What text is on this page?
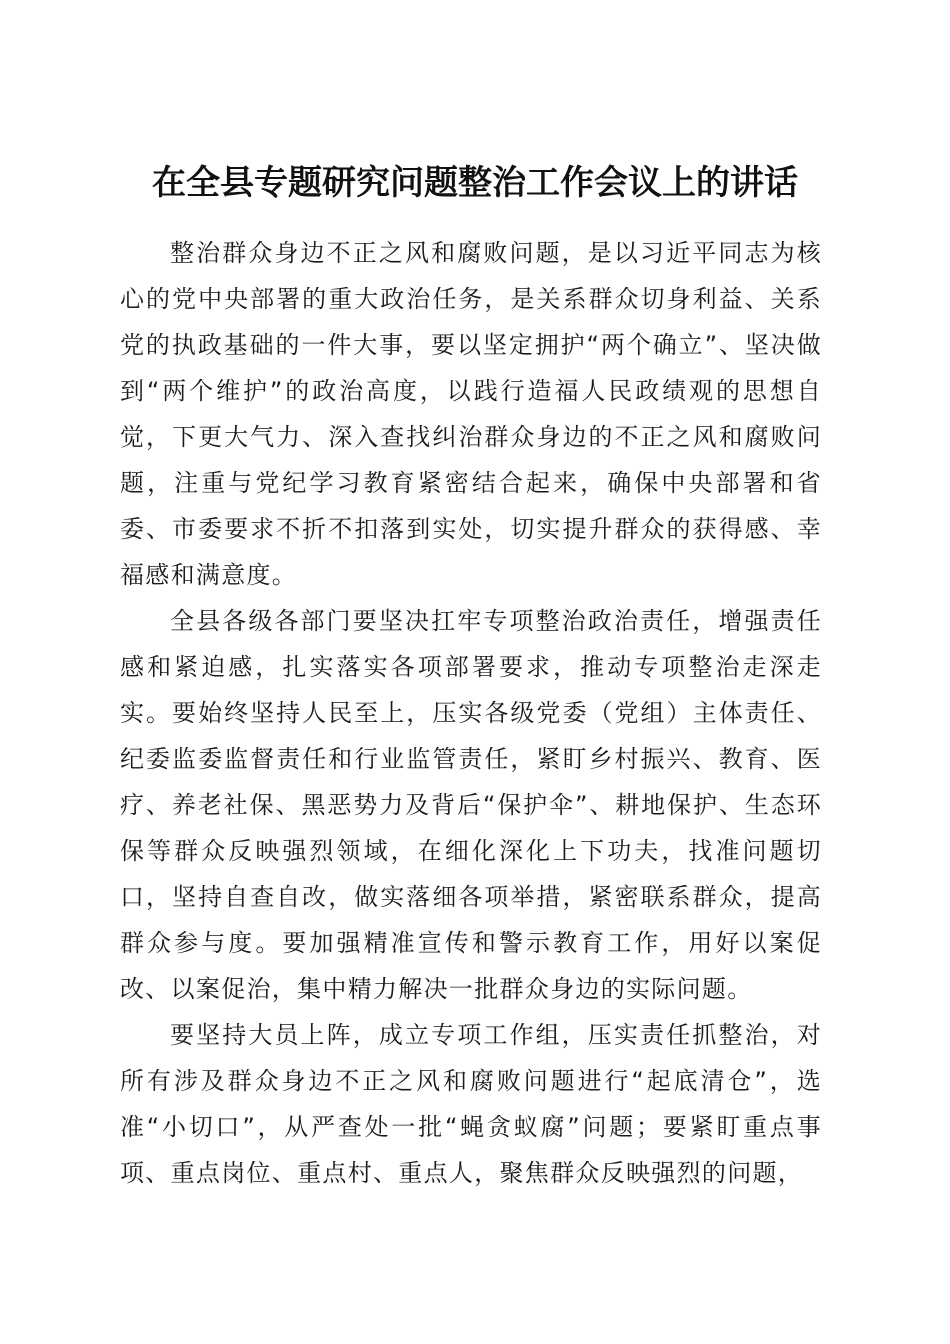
在全县专题研究问题整治工作会议上的讲话

整治群众身边不正之风和腐败问题，是以习近平同志为核心的党中央部署的重大政治任务，是关系群众切身利益、关系党的执政基础的一件大事，要以坚定拥护“两个确立”、坚决做到“两个维护”的政治高度，以践行造福人民政绩观的思想自觉，下更大气力、深入查找纠治群众身边的不正之风和腐败问题，注重与党纪学习教育紧密结合起来，确保中央部署和省委、市委要求不折不扣落到实处，切实提升群众的获得感、幸福感和满意度。

全县各级各部门要坚决扛牢专项整治政治责任，增强责任感和紧迫感，扎实落实各项部署要求，推动专项整治走深走实。要始终坚持人民至上，压实各级党委（党组）主体责任、纪委监委监督责任和行业监管责任，紧盯乡村振兴、教育、医疗、养老社保、黑恶势力及背后“保护伞”、耕地保护、生态环保等群众反映强烈领域，在细化深化上下功夫，找准问题切口，坚持自查自改，做实落细各项举措，紧密联系群众，提高群众参与度。要加强精准宣传和警示教育工作，用好以案促改、以案促治，集中精力解决一批群众身边的实际问题。

要坚持大员上阵，成立专项工作组，压实责任抓整治，对所有涉及群众身边不正之风和腐败问题进行“起底清仓”，选准“小切口”，从严查处一批“蝇贪蚁腐”问题；要紧盯重点事项、重点岗位、重点村、重点人，聚焦群众反映强烈的问题，
